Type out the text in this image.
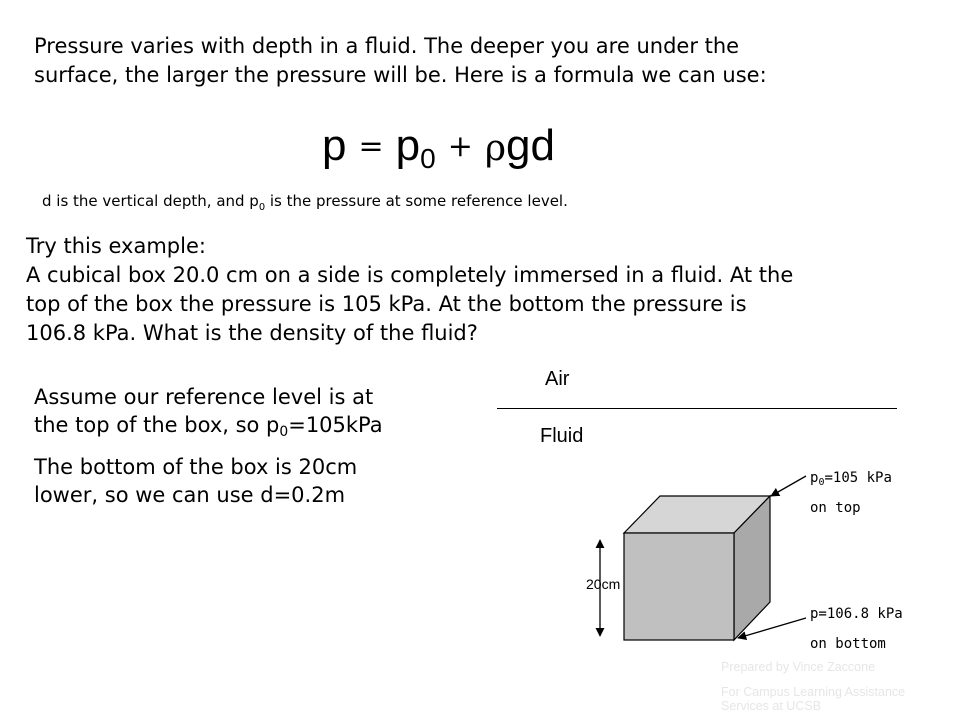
Pressure varies with depth in a fluid. The deeper you are under the
surface, the larger the pressure will be. Here is a formula we can use:
p = p0 + ρgd
d is the vertical depth, and $p_0$ is the pressure at some reference level.
Try this example:
A cubical box 20.0 cm on a side is completely immersed in a fluid. At the
top of the box the pressure is 105 kPa. At the bottom the pressure is
106.8 kPa. What is the density of the fluid?

Assume our reference level is at
the top of the box, so p0=105kPa

The bottom of the box is 20cm
lower, so we can use d=0.2m

Air
Fluid
20cm
$p_0=105$ kPa
on top
p=106.8 kPa
on bottom
Prepared by Vince Zaccone
For Campus Learning Assistance
Services at UCSB
